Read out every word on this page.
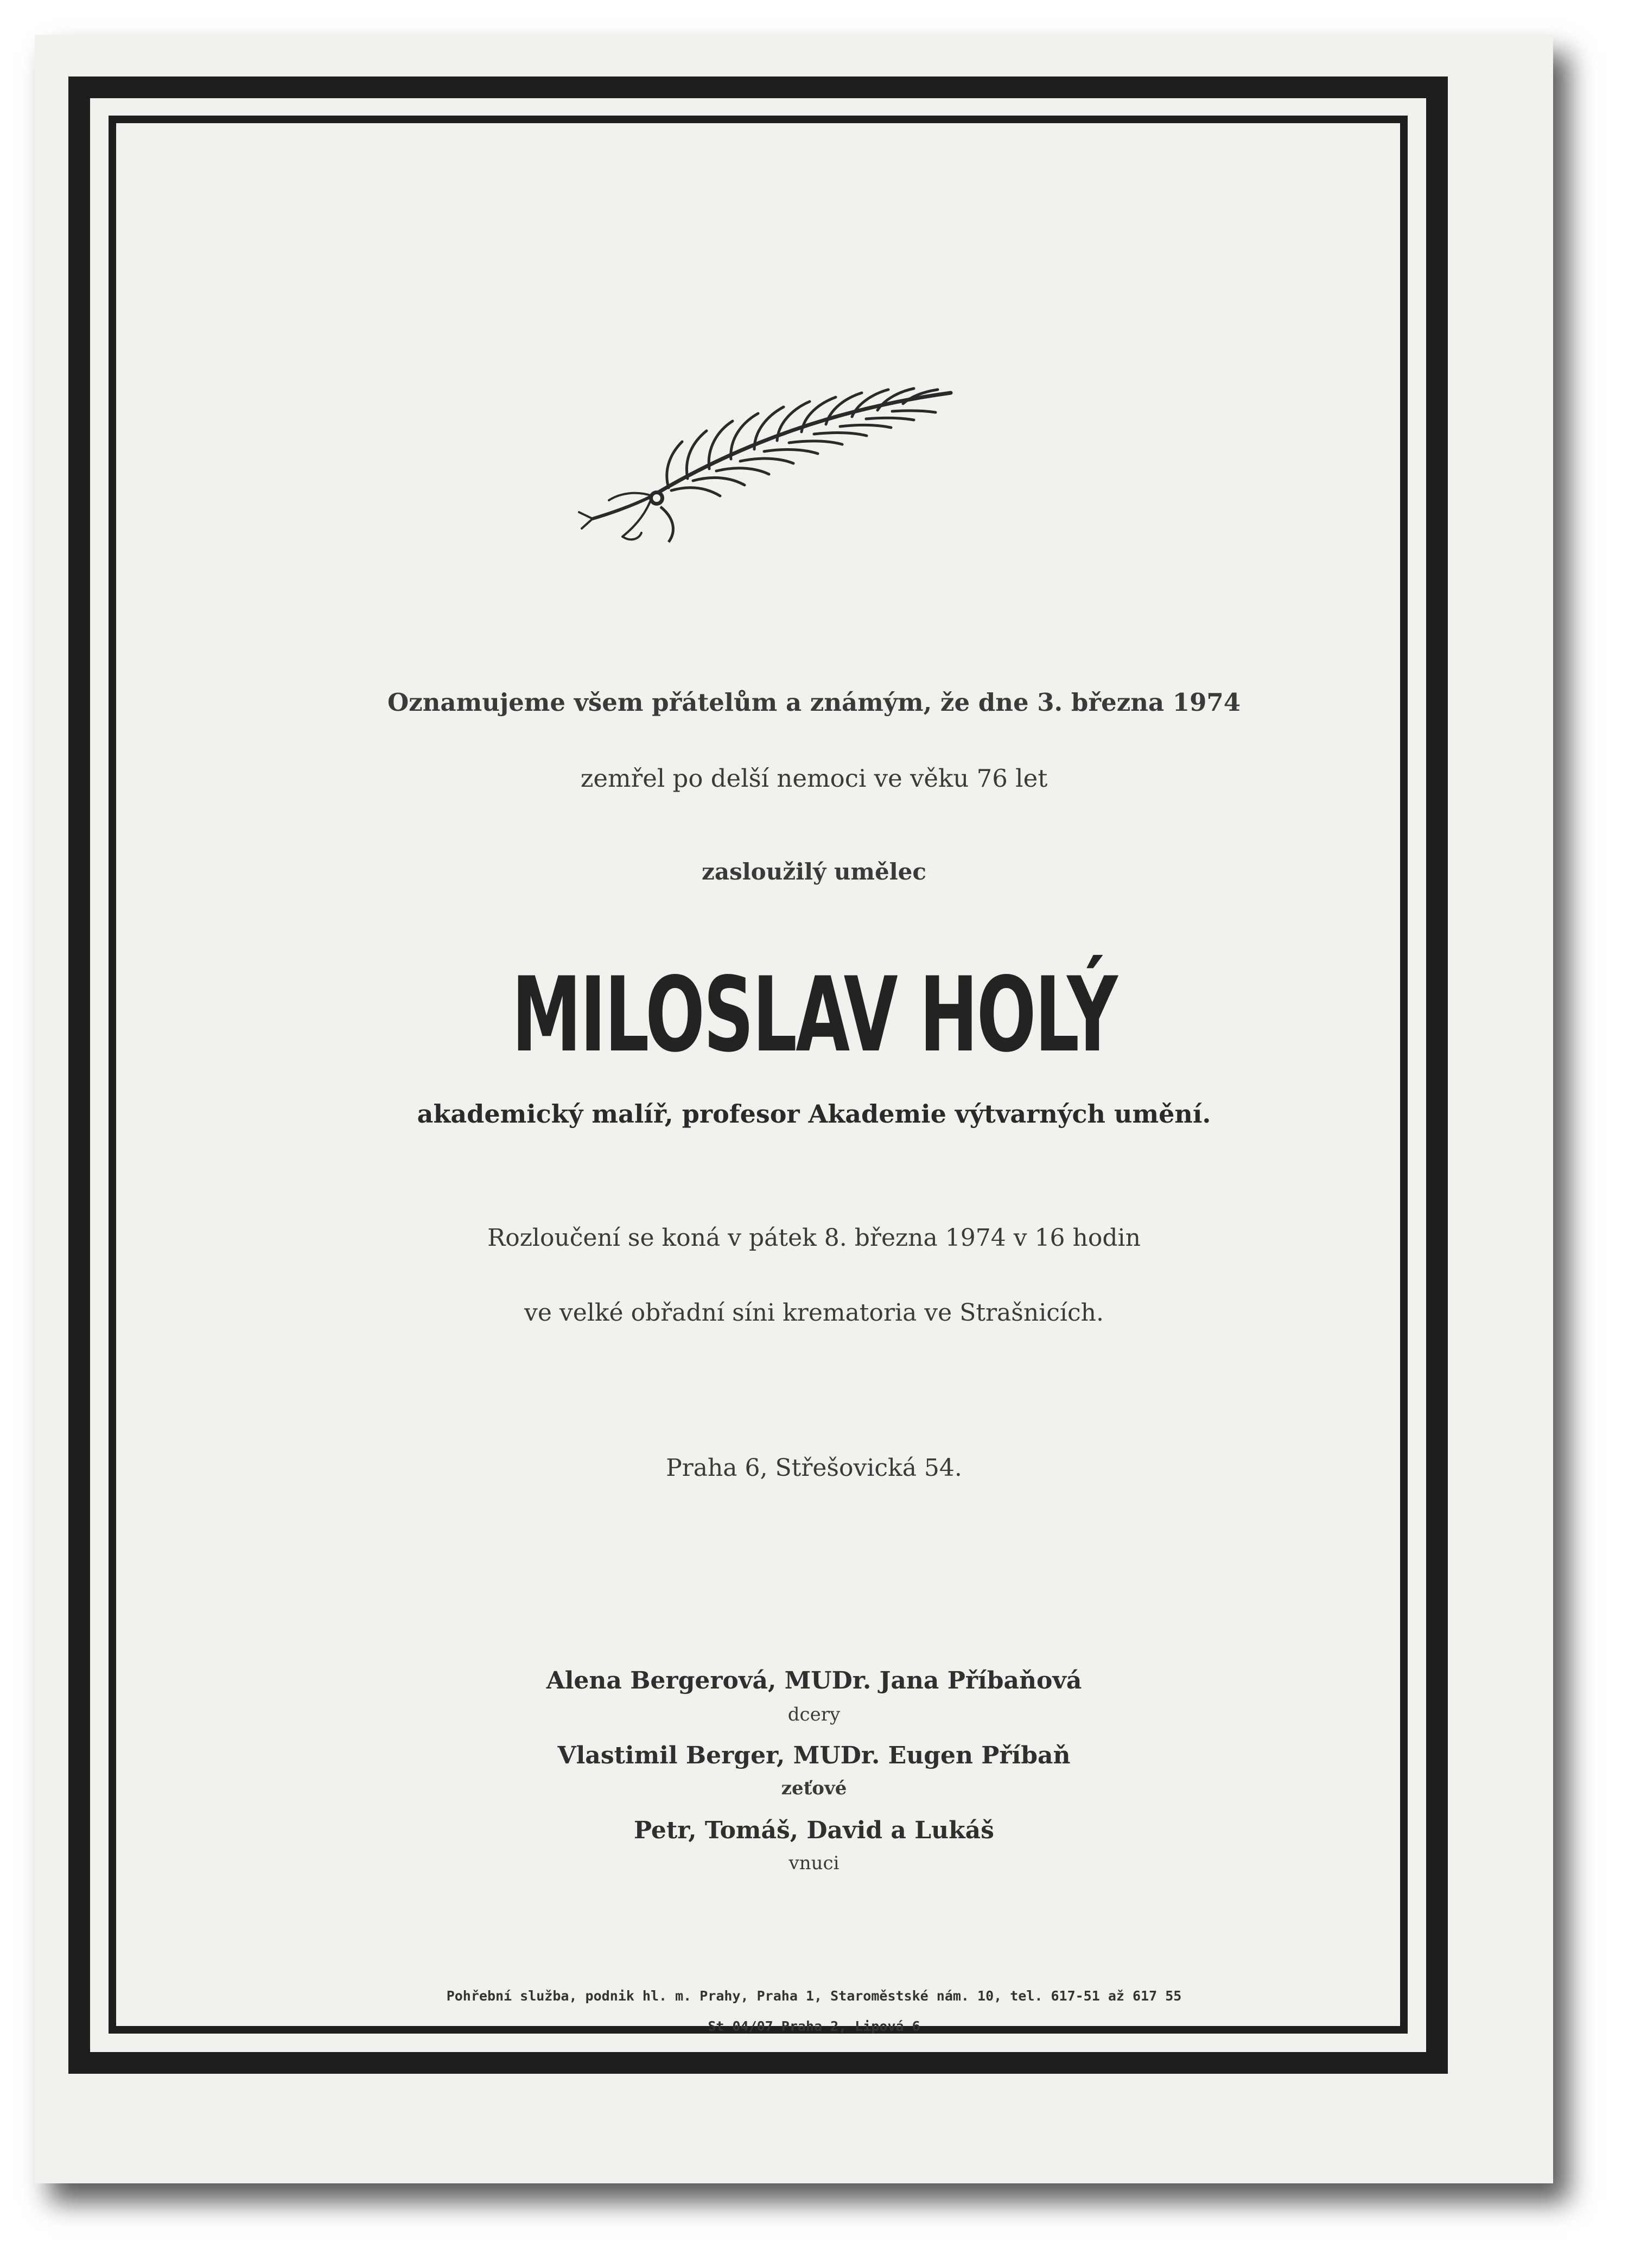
Oznamujeme všem přátelům a známým, že dne 3. března 1974
zemřel po delší nemoci ve věku 76 let
zasloužilý umělec
MILOSLAV HOLÝ
akademický malíř, profesor Akademie výtvarných umění.
Rozloučení se koná v pátek 8. března 1974 v 16 hodin
ve velké obřadní síni krematoria ve Strašnicích.
Praha 6, Střešovická 54.
Alena Bergerová, MUDr. Jana Příbaňová
dcery
Vlastimil Berger, MUDr. Eugen Příbaň
zeťové
Petr, Tomáš, David a Lukáš
vnuci
Pohřební služba, podnik hl. m. Prahy, Praha 1, Staroměstské nám. 10, tel. 617-51 až 617 55
St 04/07 Praha 2, Lipová 6
